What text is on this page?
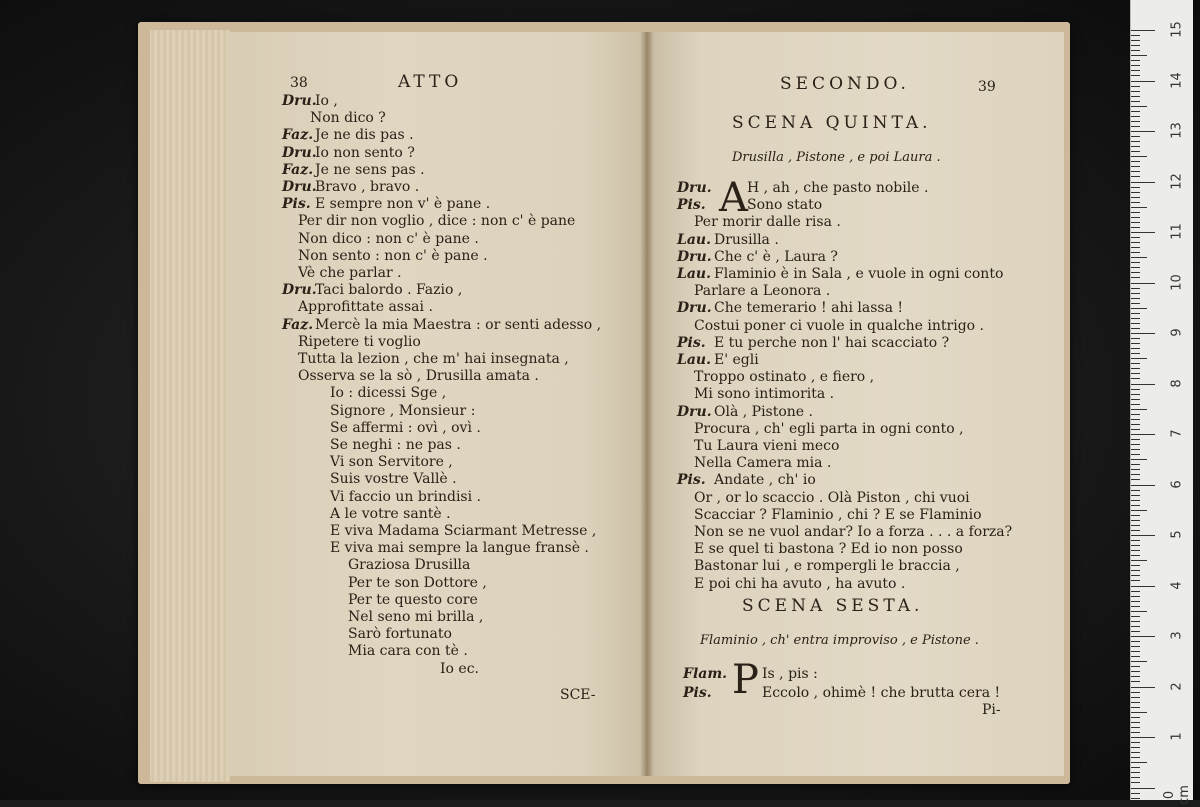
38	ATTO
Dru.
Io ,
Non dico ?
Faz. Je ne dis pas .
Dru.
Io non sento ?
Faz. Je ne sens pas .
Dru.
Bravo , bravo .
Pis. E sempre non v' è pane .
Per dir non voglio , dice : non c' è pane
Non dico : non c' è pane .
Non sento : non c' è pane .
Vè che parlar .
Dru.
Taci balordo . Fazio ,
Approfittate assai .
Faz. Mercè la mia Maestra : or senti adesso ,
Ripetere ti voglio
Tutta la lezion , che m' hai insegnata ,
Osserva se la sò , Drusilla amata .
Io : dicessi Sge ,
Signore , Monsieur :
Se affermi : ovì , ovì .
Se neghi : ne pas .
Vi son Servitore ,
Suis vostre Vallè .
Vi faccio un brindisi .
A le votre santè .
E viva Madama Sciarmant Metresse ,
E viva mai sempre la langue fransè .
Graziosa Drusilla
Per te son Dottore ,
Per te questo core
Nel seno mi brilla ,
Sarò fortunato
Mia cara con tè .
Io ec.
SCE-
SECONDO.	39
SCENA QUINTA.
Drusilla , Pistone , e poi Laura .
A
Dru.	H , ah , che pasto nobile .
Pis.	Sono stato
Per morir dalle risa .
Lau. Drusilla .
Dru. Che c' è , Laura ?
Lau. Flaminio è in Sala , e vuole in ogni conto
Parlare a Leonora .
Dru. Che temerario ! ahi lassa !
Costui poner ci vuole in qualche intrigo .
Pis. E tu perche non l' hai scacciato ?
Lau. E' egli
Troppo ostinato , e fiero ,
Mi sono intimorita .
Dru. Olà , Pistone .
Procura , ch' egli parta in ogni conto ,
Tu Laura vieni meco
Nella Camera mia .
Pis. Andate , ch' io
Or , or lo scaccio . Olà Piston , chi vuoi
Scacciar ? Flaminio , chi ? E se Flaminio
Non se ne vuol andar? Io a forza . . . a forza?
E se quel ti bastona ? Ed io non posso
Bastonar lui , e rompergli le braccia ,
E poi chi ha avuto , ha avuto .
SCENA SESTA.
Flaminio , ch' entra improviso , e Pistone .
P
Flam. Is , pis :
Pis.	Eccolo , ohimè ! che brutta cera !
Pi-
15
14
13
12
11
10
9
8
7
6
5
4
3
2
1
0 cm
